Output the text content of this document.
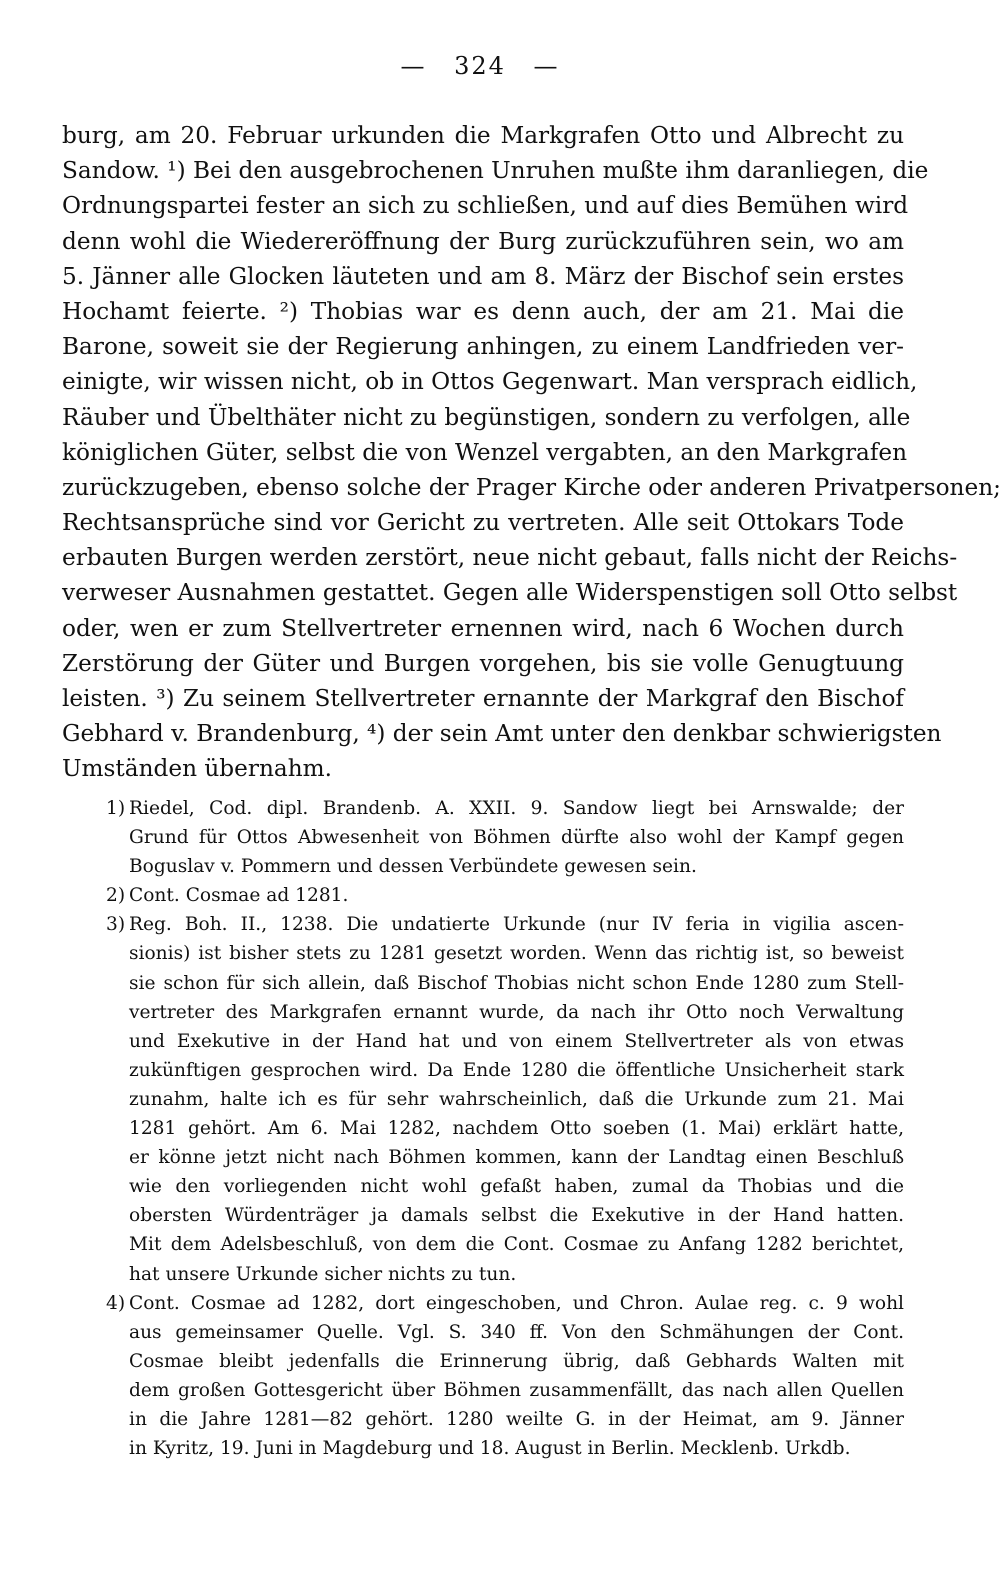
— 324 —
burg, am 20. Februar urkunden die Markgrafen Otto und Albrecht zu
Sandow. ¹) Bei den ausgebrochenen Unruhen mußte ihm daranliegen, die
Ordnungspartei fester an sich zu schließen, und auf dies Bemühen wird
denn wohl die Wiedereröffnung der Burg zurückzuführen sein, wo am
5. Jänner alle Glocken läuteten und am 8. März der Bischof sein erstes
Hochamt feierte. ²) Thobias war es denn auch, der am 21. Mai die
Barone, soweit sie der Regierung anhingen, zu einem Landfrieden ver-
einigte, wir wissen nicht, ob in Ottos Gegenwart. Man versprach eidlich,
Räuber und Übelthäter nicht zu begünstigen, sondern zu verfolgen, alle
königlichen Güter, selbst die von Wenzel vergabten, an den Markgrafen
zurückzugeben, ebenso solche der Prager Kirche oder anderen Privatpersonen;
Rechtsansprüche sind vor Gericht zu vertreten. Alle seit Ottokars Tode
erbauten Burgen werden zerstört, neue nicht gebaut, falls nicht der Reichs-
verweser Ausnahmen gestattet. Gegen alle Widerspenstigen soll Otto selbst
oder, wen er zum Stellvertreter ernennen wird, nach 6 Wochen durch
Zerstörung der Güter und Burgen vorgehen, bis sie volle Genugtuung
leisten. ³) Zu seinem Stellvertreter ernannte der Markgraf den Bischof
Gebhard v. Brandenburg, ⁴) der sein Amt unter den denkbar schwierigsten
Umständen übernahm.
1) Riedel, Cod. dipl. Brandenb. A. XXII. 9. Sandow liegt bei Arnswalde; der
Grund für Ottos Abwesenheit von Böhmen dürfte also wohl der Kampf gegen
Boguslav v. Pommern und dessen Verbündete gewesen sein.
2) Cont. Cosmae ad 1281.
3) Reg. Boh. II., 1238. Die undatierte Urkunde (nur IV feria in vigilia ascen-
sionis) ist bisher stets zu 1281 gesetzt worden. Wenn das richtig ist, so beweist
sie schon für sich allein, daß Bischof Thobias nicht schon Ende 1280 zum Stell-
vertreter des Markgrafen ernannt wurde, da nach ihr Otto noch Verwaltung
und Exekutive in der Hand hat und von einem Stellvertreter als von etwas
zukünftigen gesprochen wird. Da Ende 1280 die öffentliche Unsicherheit stark
zunahm, halte ich es für sehr wahrscheinlich, daß die Urkunde zum 21. Mai
1281 gehört. Am 6. Mai 1282, nachdem Otto soeben (1. Mai) erklärt hatte,
er könne jetzt nicht nach Böhmen kommen, kann der Landtag einen Beschluß
wie den vorliegenden nicht wohl gefaßt haben, zumal da Thobias und die
obersten Würdenträger ja damals selbst die Exekutive in der Hand hatten.
Mit dem Adelsbeschluß, von dem die Cont. Cosmae zu Anfang 1282 berichtet,
hat unsere Urkunde sicher nichts zu tun.
4) Cont. Cosmae ad 1282, dort eingeschoben, und Chron. Aulae reg. c. 9 wohl
aus gemeinsamer Quelle. Vgl. S. 340 ff. Von den Schmähungen der Cont.
Cosmae bleibt jedenfalls die Erinnerung übrig, daß Gebhards Walten mit
dem großen Gottesgericht über Böhmen zusammenfällt, das nach allen Quellen
in die Jahre 1281—82 gehört. 1280 weilte G. in der Heimat, am 9. Jänner
in Kyritz, 19. Juni in Magdeburg und 18. August in Berlin. Mecklenb. Urkdb.
